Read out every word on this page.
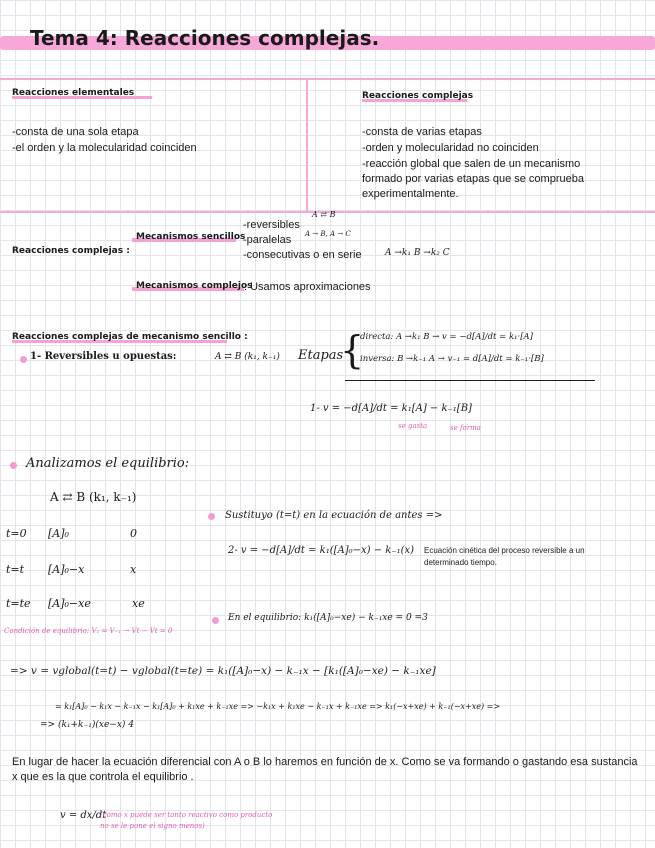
Tema 4: Reacciones complejas.
Reacciones elementales	Reacciones complejas
-consta de una sola etapa
-el orden y la molecularidad coinciden
-consta de varias etapas
-orden y molecularidad no coinciden
-reacción global que salen de un mecanismo formado por varias etapas que se comprueba experimentalmente.
-reversibles
-paralelas
-consecutivas o en serie
A ⇄ B
A → B, A → C
A →k₁ B →k₂ C
Mecanismos sencillos
Reacciones complejas :
Mecanismos complejos
: Usamos aproximaciones
Reacciones complejas de mecanismo sencillo :
1- Reversibles u opuestas:	A ⇄ B (k₁, k₋₁) Etapas
{
directa: A →k₁ B → v = −d[A]/dt = k₁·[A]
inversa: B →k₋₁ A → v₋₁ = d[A]/dt = k₋₁·[B]
1- v = −d[A]/dt = k₁[A] − k₋₁[B]
se gasta	se forma
Analizamos el equilibrio:
A ⇄ B (k₁, k₋₁)
t=0 [A]₀	0
t=t [A]₀−x	x
t=te [A]₀−xe	xe
Condición de equilibrio: V₁ = V₋₁ → Vt − Vt = 0
Sustituyo (t=t) en la ecuación de antes =>
2- v = −d[A]/dt = k₁([A]₀−x) − k₋₁(x) Ecuación cinética del proceso reversible a un determinado tiempo.
En el equilibrio: k₁([A]₀−xe) − k₋₁xe = 0 =3
=> v = vglobal(t=t) − vglobal(t=te) = k₁([A]₀−x) − k₋₁x − [k₁([A]₀−xe) − k₋₁xe]
= k₁[A]₀ − k₁x − k₋₁x − k₁[A]₀ + k₁xe + k₋₁xe => −k₁x + k₁xe − k₋₁x + k₋₁xe => k₁(−x+xe) + k₋₁(−x+xe) =>
=> (k₁+k₋₁)(xe−x) 4
En lugar de hacer la ecuación diferencial con A o B lo haremos en función de x. Como se va formando o gastando esa sustancia x que es la que controla el equilibrio .
v = dx/dt
(como x puede ser tanto reactivo como producto no se le pone el signo menos)
